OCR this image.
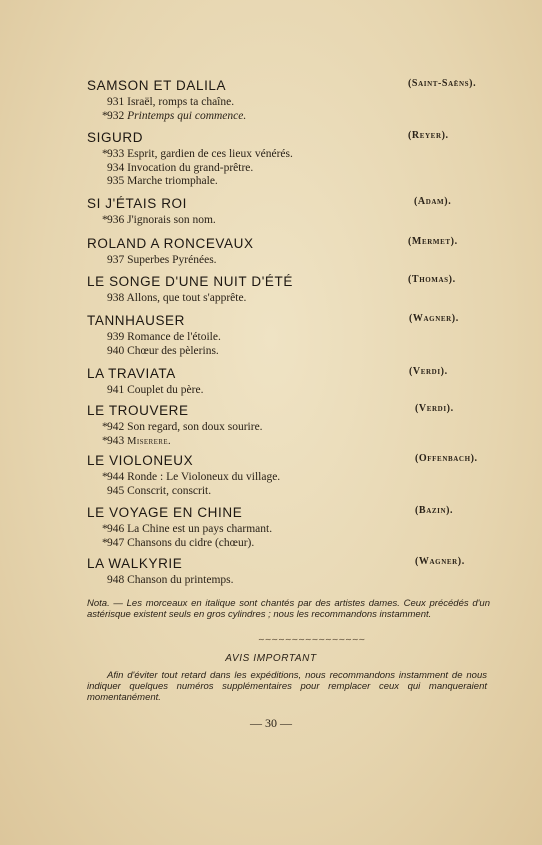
SAMSON ET DALILA	(Saint-Saëns).
931 Israël, romps ta chaîne.
*932 Printemps qui commence.
SIGURD	(Reyer).
*933 Esprit, gardien de ces lieux vénérés.
934 Invocation du grand-prêtre.
935 Marche triomphale.
SI J'ÉTAIS ROI	(Adam).
*936 J'ignorais son nom.
ROLAND A RONCEVAUX	(Mermet).
937 Superbes Pyrénées.
LE SONGE D'UNE NUIT D'ÉTÉ	(Thomas).
938 Allons, que tout s'apprête.
TANNHAUSER	(Wagner).
939 Romance de l'étoile.
940 Chœur des pèlerins.
LA TRAVIATA	(Verdi).
941 Couplet du père.
LE TROUVERE	(Verdi).
*942 Son regard, son doux sourire.
*943 Miserere.
LE VIOLONEUX	(Offenbach).
*944 Ronde : Le Violoneux du village.
945 Conscrit, conscrit.
LE VOYAGE EN CHINE	(Bazin).
*946 La Chine est un pays charmant.
*947 Chansons du cidre (chœur).
LA WALKYRIE	(Wagner).
948 Chanson du printemps.
Nota. — Les morceaux en italique sont chantés par des artistes dames. Ceux précédés d'un astérisque existent seuls en gros cylindres ; nous les recommandons instamment.
∼∼∼∼∼∼∼∼∼∼∼∼∼∼∼∼
AVIS IMPORTANT
Afin d'éviter tout retard dans les expéditions, nous recommandons instamment de nous indiquer quelques numéros supplémentaires pour remplacer ceux qui manqueraient momentanément.
— 30 —
